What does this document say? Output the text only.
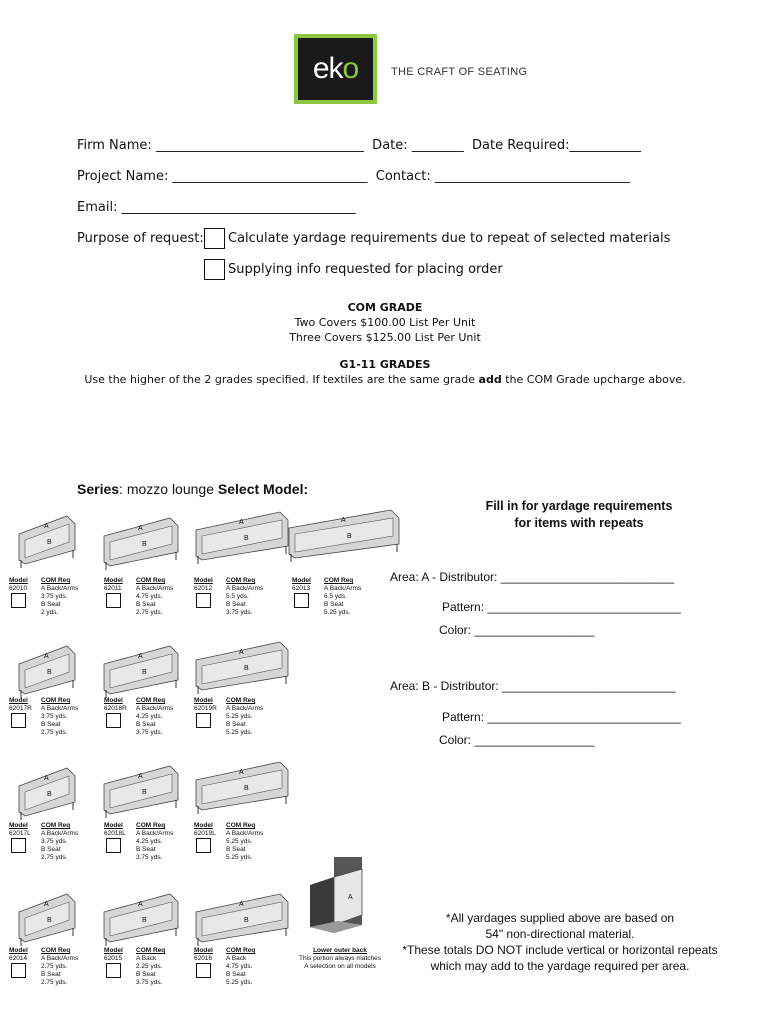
eko	THE CRAFT OF SEATING
Firm Name: ________________________________  Date: ________  Date Required:___________
Project Name: ______________________________  Contact: ______________________________
Email: ____________________________________
Purpose of request: Calculate yardage requirements due to repeat of selected materials
Supplying info requested for placing order
COM GRADE
Two Covers $100.00 List Per Unit
Three Covers $125.00 List Per Unit
G1-11 GRADES
Use the higher of the 2 grades specified. If textiles are the same grade add the COM Grade upcharge above.
Series: mozzo lounge Select Model:
Fill in for yardage requirements
for items with repeats
Area: A - Distributor: __________________________
Pattern: _____________________________
Color: __________________
Area: B - Distributor: __________________________
Pattern: _____________________________
Color: __________________
Model
62010
COM Req
A Back/Arms
3.75 yds.
B Seat
2 yds.
A
B
Model
62011
COM Req
A Back/Arms
4.75 yds.
B Seat
2.75 yds.
A
B
Model
62012
COM Req
A Back/Arms
5.5 yds.
B Seat
3.75 yds.
A
B
Model
62013
COM Req
A Back/Arms
6.5 yds.
B Seat
5.25 yds.
A
B
Model
62017R
COM Req
A Back/Arms
3.75 yds.
B Seat
2.75 yds.
A
B
Model
62018R
COM Req
A Back/Arms
4.25 yds.
B Seat
3.75 yds.
A
B
Model
62019R
COM Req
A Back/Arms
5.25 yds.
B Seat
5.25 yds.
A
B
Model
62017L
COM Req
A Back/Arms
3.75 yds.
B Seat
2.75 yds.
A
B
Model
62018L
COM Req
A Back/Arms
4.25 yds.
B Seat
3.75 yds.
A
B
Model
62019L
COM Req
A Back/Arms
5.25 yds.
B Seat
5.25 yds.
A
B
Model
62014
COM Req
A Back/Arms
2.75 yds.
B Seat
2.75 yds.
A
B
Model
62015
COM Req
A Back
2.25 yds.
B Seat
3.75 yds.
A
B
Model
62016
COM Req
A Back
4.75 yds.
B Seat
5.25 yds.
A
B
A
Lower outer back
This portion always matches
A selection on all models
*All yardages supplied above are based on
54" non-directional material.
*These totals DO NOT include vertical or horizontal repeats
which may add to the yardage required per area.
